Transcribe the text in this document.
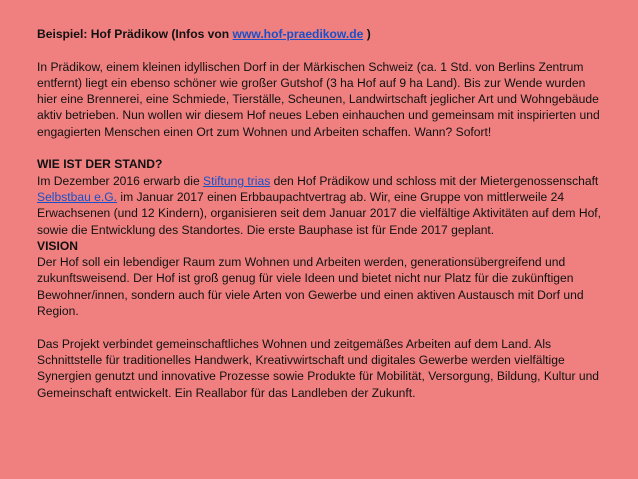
Beispiel: Hof Prädikow (Infos von www.hof-praedikow.de )

In Prädikow, einem kleinen idyllischen Dorf in der Märkischen Schweiz (ca. 1 Std. von Berlins Zentrum entfernt) liegt ein ebenso schöner wie großer Gutshof (3 ha Hof auf 9 ha Land). Bis zur Wende wurden hier eine Brennerei, eine Schmiede, Tierställe, Scheunen, Landwirtschaft jeglicher Art und Wohngebäude aktiv betrieben. Nun wollen wir diesem Hof neues Leben einhauchen und gemeinsam mit inspirierten und engagierten Menschen einen Ort zum Wohnen und Arbeiten schaffen. Wann? Sofort!

WIE IST DER STAND?

Im Dezember 2016 erwarb die Stiftung trias den Hof Prädikow und schloss mit der Mietergenossenschaft Selbstbau e.G. im Januar 2017 einen Erbbaupachtvertrag ab. Wir, eine Gruppe von mittlerweile 24 Erwachsenen (und 12 Kindern), organisieren seit dem Januar 2017 die vielfältige Aktivitäten auf dem Hof, sowie die Entwicklung des Standortes. Die erste Bauphase ist für Ende 2017 geplant.

VISION

Der Hof soll ein lebendiger Raum zum Wohnen und Arbeiten werden, generationsübergreifend und zukunftsweisend. Der Hof ist groß genug für viele Ideen und bietet nicht nur Platz für die zukünftigen Bewohner/innen, sondern auch für viele Arten von Gewerbe und einen aktiven Austausch mit Dorf und Region.

Das Projekt verbindet gemeinschaftliches Wohnen und zeitgemäßes Arbeiten auf dem Land. Als Schnittstelle für traditionelles Handwerk, Kreativwirtschaft und digitales Gewerbe werden vielfältige Synergien genutzt und innovative Prozesse sowie Produkte für Mobilität, Versorgung, Bildung, Kultur und Gemeinschaft entwickelt. Ein Reallabor für das Landleben der Zukunft.
